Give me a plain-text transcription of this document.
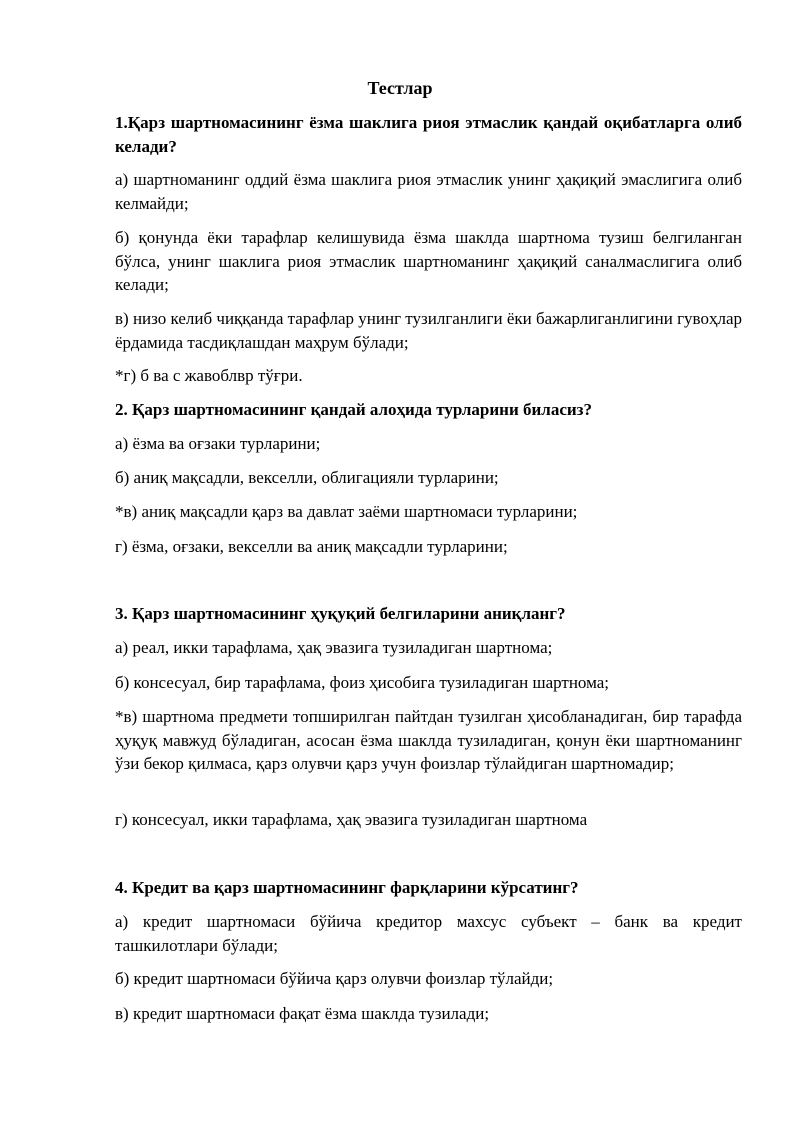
Тестлар

1.Қарз шартномасининг ёзма шаклига риоя этмаслик қандай оқибатларга олиб келади?

а) шартноманинг оддий ёзма шаклига риоя этмаслик унинг ҳақиқий эмаслигига олиб келмайди;

б) қонунда ёки тарафлар келишувида ёзма шаклда шартнома тузиш белгиланган бўлса, унинг шаклига риоя этмаслик шартноманинг ҳақиқий саналмаслигига олиб келади;

в) низо келиб чиққанда тарафлар унинг тузилганлиги ёки бажарлиганлигини гувоҳлар ёрдамида тасдиқлашдан маҳрум бўлади;

*г) б ва с жавоблвр тўғри.

2. Қарз шартномасининг қандай алоҳида турларини биласиз?

а) ёзма ва оғзаки турларини;

б) аниқ мақсадли, векселли, облигацияли турларини;

*в) аниқ мақсадли қарз ва давлат заёми шартномаси турларини;

г) ёзма, оғзаки, векселли ва аниқ мақсадли турларини;

3. Қарз шартномасининг ҳуқуқий белгиларини аниқланг?

а) реал, икки тарафлама, ҳақ эвазига тузиладиган шартнома;

б) консесуал, бир тарафлама, фоиз ҳисобига тузиладиган шартнома;

*в) шартнома предмети топширилган пайтдан тузилган ҳисобланадиган, бир тарафда ҳуқуқ мавжуд бўладиган, асосан ёзма шаклда тузиладиган, қонун ёки шартноманинг ўзи бекор қилмаса, қарз олувчи қарз учун фоизлар тўлайдиган шартномадир;

г) консесуал, икки тарафлама, ҳақ эвазига тузиладиган шартнома

4. Кредит ва қарз шартномасининг фарқларини кўрсатинг?

а) кредит шартномаси бўйича кредитор махсус субъект – банк ва кредит ташкилотлари бўлади;

б) кредит шартномаси бўйича қарз олувчи фоизлар тўлайди;

в) кредит шартномаси фақат ёзма шаклда тузилади;
